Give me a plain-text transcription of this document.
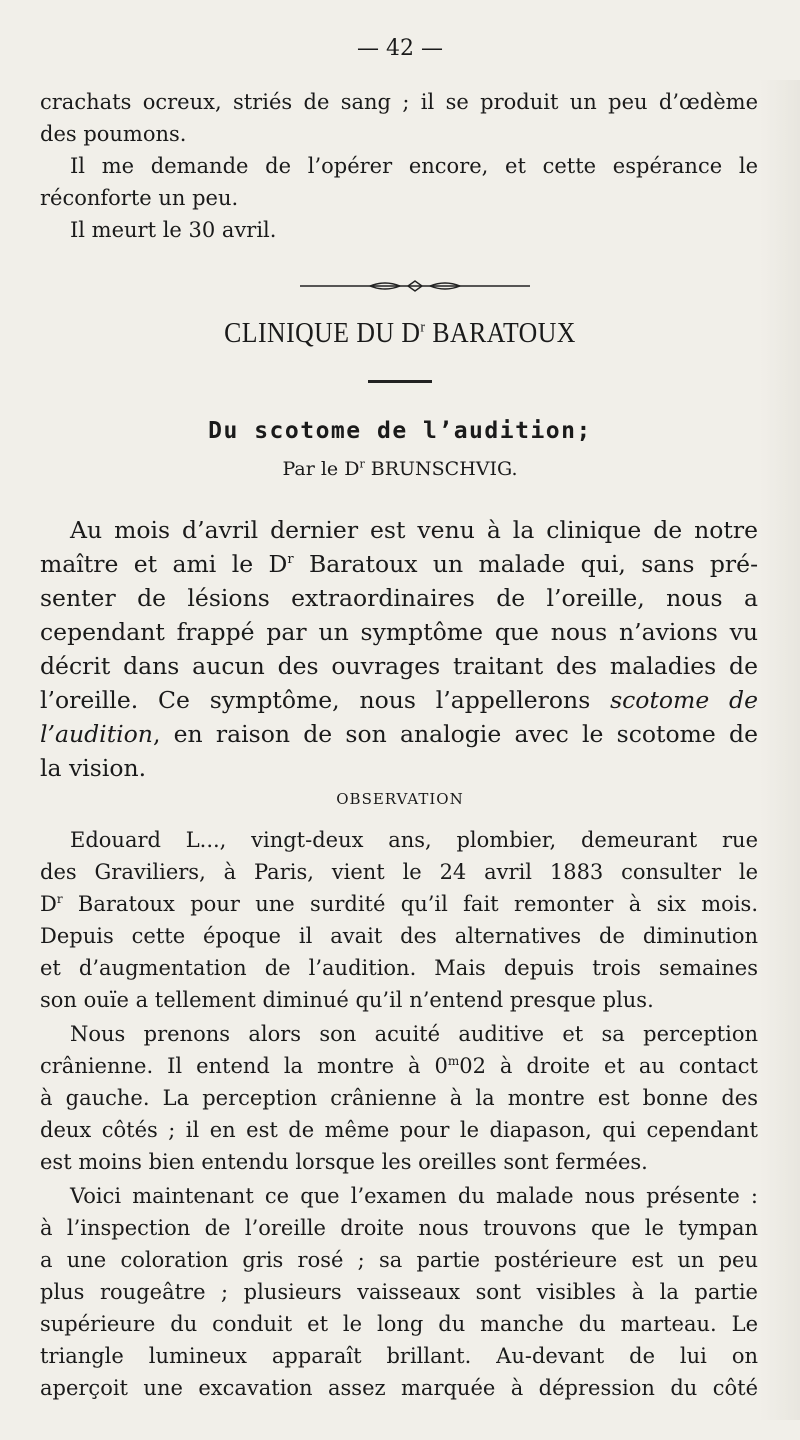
— 42 —
crachats ocreux, striés de sang ; il se produit un peu d’œdème
des poumons.
Il me demande de l’opérer encore, et cette espérance le
réconforte un peu.
Il meurt le 30 avril.
CLINIQUE DU $D^r$ BARATOUX
Du scotome de l’audition;
Par le $D^r$ BRUNSCHVIG.
Au mois d’avril dernier est venu à la clinique de notre
maître et ami le $D^r$ Baratoux un malade qui, sans pré-
senter de lésions extraordinaires de l’oreille, nous a
cependant frappé par un symptôme que nous n’avions vu
décrit dans aucun des ouvrages traitant des maladies de
l’oreille. Ce symptôme, nous l’appellerons scotome de
l’audition, en raison de son analogie avec le scotome de
la vision.
OBSERVATION
Edouard L..., vingt-deux ans, plombier, demeurant rue
des Graviliers, à Paris, vient le 24 avril 1883 consulter le
$D^r$ Baratoux pour une surdité qu’il fait remonter à six mois.
Depuis cette époque il avait des alternatives de diminution
et d’augmentation de l’audition. Mais depuis trois semaines
son ouïe a tellement diminué qu’il n’entend presque plus.
Nous prenons alors son acuité auditive et sa perception
crânienne. Il entend la montre à 0$^m$02 à droite et au contact
à gauche. La perception crânienne à la montre est bonne des
deux côtés ; il en est de même pour le diapason, qui cependant
est moins bien entendu lorsque les oreilles sont fermées.
Voici maintenant ce que l’examen du malade nous présente :
à l’inspection de l’oreille droite nous trouvons que le tympan
a une coloration gris rosé ; sa partie postérieure est un peu
plus rougeâtre ; plusieurs vaisseaux sont visibles à la partie
supérieure du conduit et le long du manche du marteau. Le
triangle lumineux apparaît brillant. Au-devant de lui on
aperçoit une excavation assez marquée à dépression du côté
